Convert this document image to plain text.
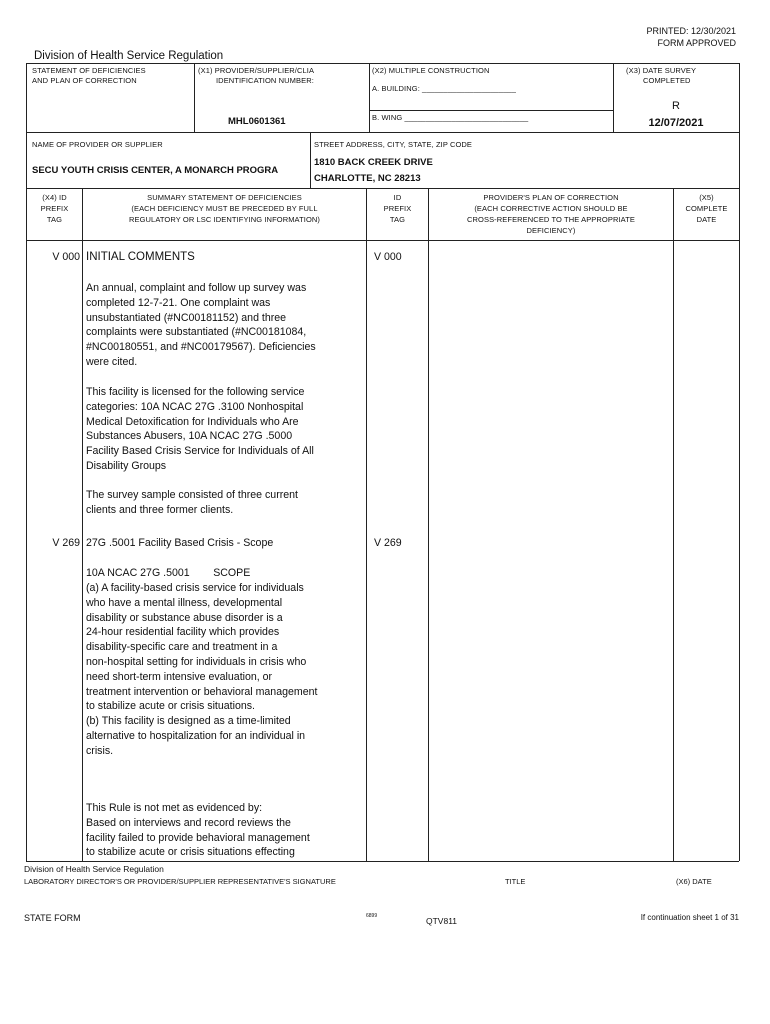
PRINTED: 12/30/2021
FORM APPROVED
Division of Health Service Regulation
STATEMENT OF DEFICIENCIES
AND PLAN OF CORRECTION
(X1) PROVIDER/SUPPLIER/CLIA
IDENTIFICATION NUMBER:
MHL0601361
(X2) MULTIPLE CONSTRUCTION
A. BUILDING: ______________________
B. WING _____________________________
(X3) DATE SURVEY
COMPLETED
R
12/07/2021
NAME OF PROVIDER OR SUPPLIER
SECU YOUTH CRISIS CENTER, A MONARCH PROGRA
STREET ADDRESS, CITY, STATE, ZIP CODE
1810 BACK CREEK DRIVE
CHARLOTTE, NC 28213
(X4) ID
PREFIX
TAG
SUMMARY STATEMENT OF DEFICIENCIES
(EACH DEFICIENCY MUST BE PRECEDED BY FULL
REGULATORY OR LSC IDENTIFYING INFORMATION)
ID
PREFIX
TAG
PROVIDER'S PLAN OF CORRECTION
(EACH CORRECTIVE ACTION SHOULD BE
CROSS-REFERENCED TO THE APPROPRIATE
DEFICIENCY)
(X5)
COMPLETE
DATE
V 000	V 000
INITIAL COMMENTS

An annual, complaint and follow up survey was
completed 12-7-21. One complaint was
unsubstantiated (#NC00181152) and three
complaints were substantiated (#NC00181084,
#NC00180551, and #NC00179567). Deficiencies
were cited.

This facility is licensed for the following service
categories: 10A NCAC 27G .3100 Nonhospital
Medical Detoxification for Individuals who Are
Substances Abusers, 10A NCAC 27G .5000
Facility Based Crisis Service for Individuals of All
Disability Groups

The survey sample consisted of three current
clients and three former clients.

V 269	V 269
27G .5001 Facility Based Crisis - Scope
10A NCAC 27G .5001        SCOPE

(a) A facility-based crisis service for individuals
who have a mental illness, developmental
disability or substance abuse disorder is a
24-hour residential facility which provides
disability-specific care and treatment in a
non-hospital setting for individuals in crisis who
need short-term intensive evaluation, or
treatment intervention or behavioral management
to stabilize acute or crisis situations.
(b) This facility is designed as a time-limited
alternative to hospitalization for an individual in
crisis.

This Rule is not met as evidenced by:
Based on interviews and record reviews the
facility failed to provide behavioral management
to stabilize acute or crisis situations effecting

Division of Health Service Regulation
LABORATORY DIRECTOR'S OR PROVIDER/SUPPLIER REPRESENTATIVE'S SIGNATURE	TITLE	(X6) DATE
STATE FORM	6899	QTV811	If continuation sheet 1 of 31
